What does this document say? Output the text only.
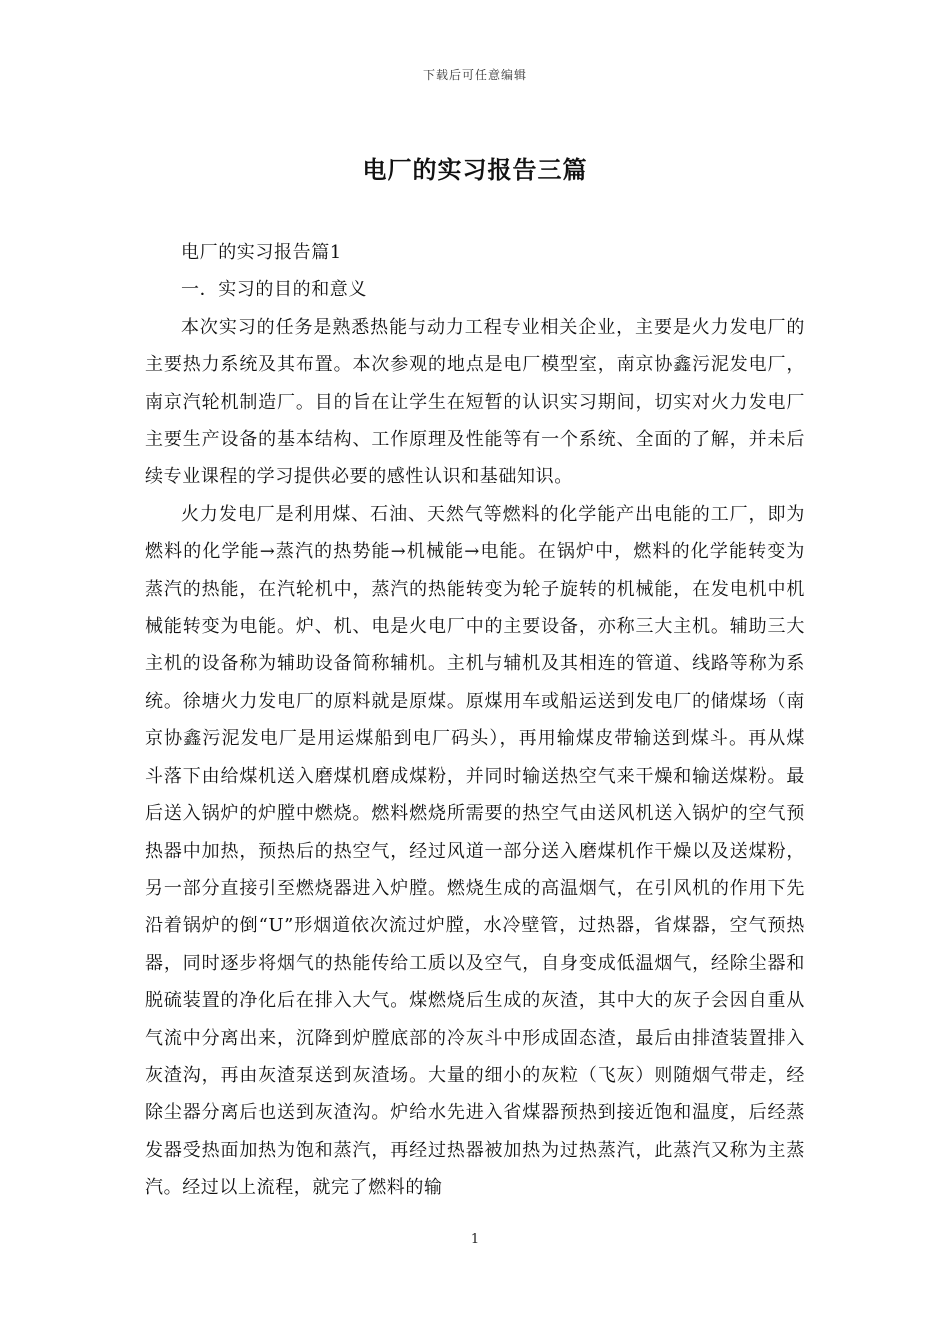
下载后可任意编辑
电厂的实习报告三篇

电厂的实习报告篇1

一．实习的目的和意义

本次实习的任务是熟悉热能与动力工程专业相关企业，主要是火力发电厂的主要热力系统及其布置。本次参观的地点是电厂模型室，南京协鑫污泥发电厂，南京汽轮机制造厂。目的旨在让学生在短暂的认识实习期间，切实对火力发电厂主要生产设备的基本结构、工作原理及性能等有一个系统、全面的了解，并未后续专业课程的学习提供必要的感性认识和基础知识。

火力发电厂是利用煤、石油、天然气等燃料的化学能产出电能的工厂，即为燃料的化学能→蒸汽的热势能→机械能→电能。在锅炉中，燃料的化学能转变为蒸汽的热能，在汽轮机中，蒸汽的热能转变为轮子旋转的机械能，在发电机中机械能转变为电能。炉、机、电是火电厂中的主要设备，亦称三大主机。辅助三大主机的设备称为辅助设备简称辅机。主机与辅机及其相连的管道、线路等称为系统。徐塘火力发电厂的原料就是原煤。原煤用车或船运送到发电厂的储煤场（南京协鑫污泥发电厂是用运煤船到电厂码头），再用输煤皮带输送到煤斗。再从煤斗落下由给煤机送入磨煤机磨成煤粉，并同时输送热空气来干燥和输送煤粉。最后送入锅炉的炉膛中燃烧。燃料燃烧所需要的热空气由送风机送入锅炉的空气预热器中加热，预热后的热空气，经过风道一部分送入磨煤机作干燥以及送煤粉，另一部分直接引至燃烧器进入炉膛。燃烧生成的高温烟气，在引风机的作用下先沿着锅炉的倒“U”形烟道依次流过炉膛，水冷壁管，过热器，省煤器，空气预热器，同时逐步将烟气的热能传给工质以及空气，自身变成低温烟气，经除尘器和脱硫装置的净化后在排入大气。煤燃烧后生成的灰渣，其中大的灰子会因自重从气流中分离出来，沉降到炉膛底部的冷灰斗中形成固态渣，最后由排渣装置排入灰渣沟，再由灰渣泵送到灰渣场。大量的细小的灰粒（飞灰）则随烟气带走，经除尘器分离后也送到灰渣沟。炉给水先进入省煤器预热到接近饱和温度，后经蒸发器受热面加热为饱和蒸汽，再经过热器被加热为过热蒸汽，此蒸汽又称为主蒸汽。经过以上流程，就完了燃料的输

1
